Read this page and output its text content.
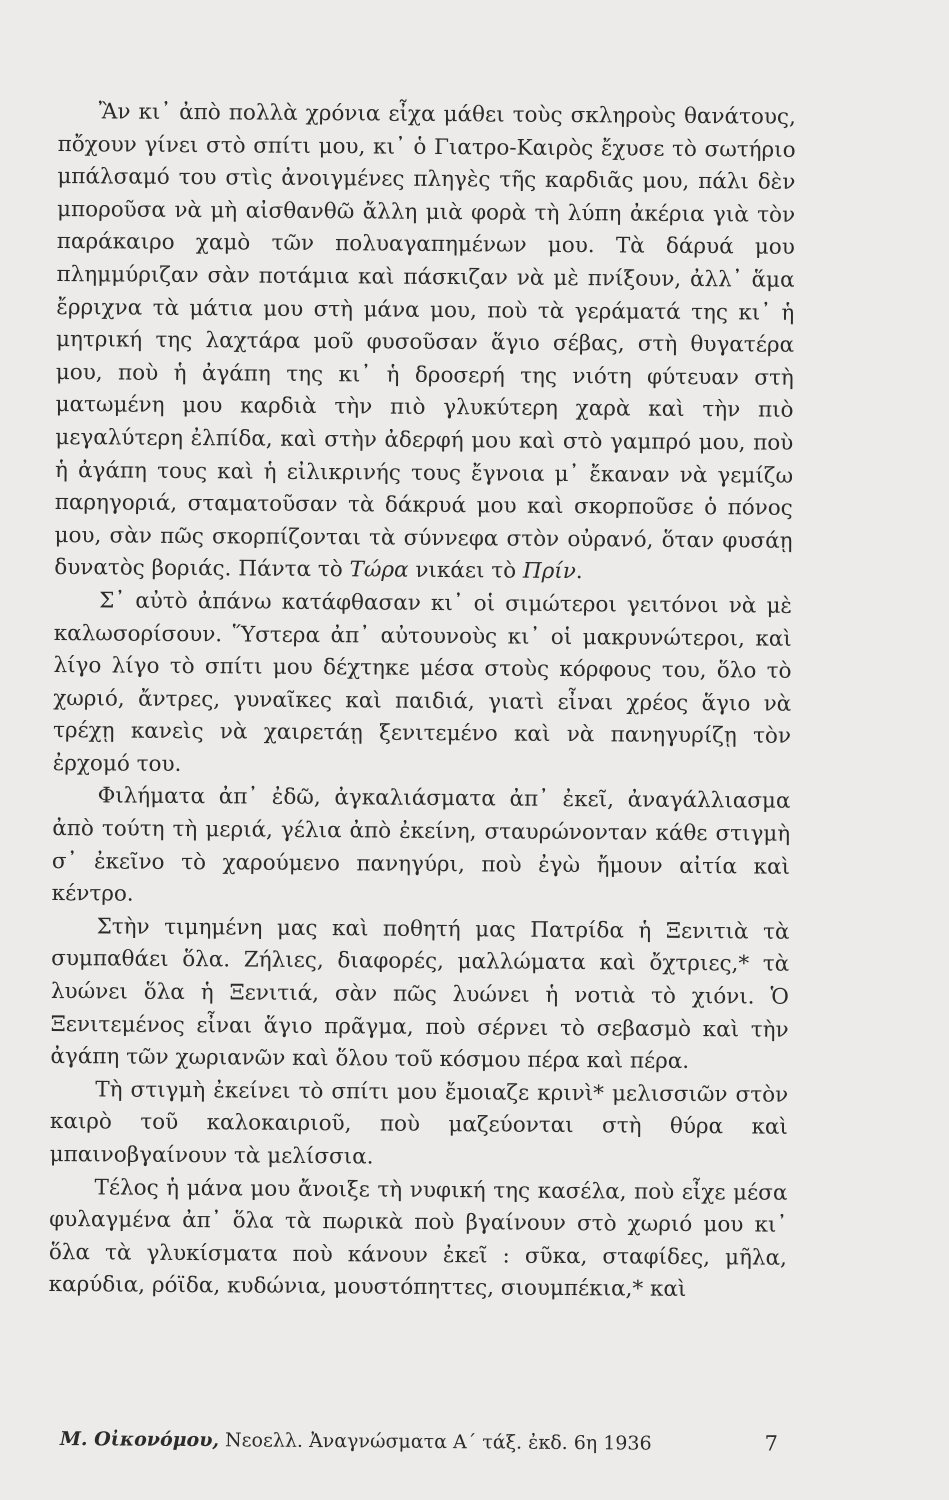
Ἂν κι᾿ ἀπὸ πολλὰ χρόνια εἶχα μάθει τοὺς σκληροὺς θανάτους, πὄχουν γίνει στὸ σπίτι μου, κι᾿ ὁ Γιατρο-Καιρὸς ἔχυσε τὸ σωτήριο μπάλσαμό του στὶς ἀνοιγμένες πληγὲς τῆς καρδιᾶς μου, πάλι δὲν μποροῦσα νὰ μὴ αἰσθανθῶ ἄλλη μιὰ φορὰ τὴ λύπη ἀκέρια γιὰ τὸν παράκαιρο χαμὸ τῶν πολυαγαπημένων μου. Τὰ δάρυά μου πλημμύριζαν σὰν ποτάμια καὶ πάσκιζαν νὰ μὲ πνίξουν, ἀλλ᾿ ἅμα ἔρριχνα τὰ μάτια μου στὴ μάνα μου, ποὺ τὰ γεράματά της κι᾿ ἡ μητρική της λαχτάρα μοῦ φυσοῦσαν ἅγιο σέβας, στὴ θυγατέρα μου, ποὺ ἡ ἀγάπη της κι᾿ ἡ δροσερή της νιότη φύτευαν στὴ ματωμένη μου καρδιὰ τὴν πιὸ γλυκύτερη χαρὰ καὶ τὴν πιὸ μεγαλύτερη ἐλπίδα, καὶ στὴν ἀδερφή μου καὶ στὸ γαμπρό μου, ποὺ ἡ ἀγάπη τους καὶ ἡ εἰλικρινής τους ἔγνοια μ᾿ ἔκαναν νὰ γεμίζω παρηγοριά, σταματοῦσαν τὰ δάκρυά μου καὶ σκορποῦσε ὁ πόνος μου, σὰν πῶς σκορπίζονται τὰ σύννεφα στὸν οὐρανό, ὅταν φυσάῃ δυνατὸς βοριάς. Πάντα τὸ Τώρα νικάει τὸ Πρίν.

Σ᾿ αὐτὸ ἀπάνω κατάφθασαν κι᾿ οἱ σιμώτεροι γειτόνοι νὰ μὲ καλωσορίσουν. Ὕστερα ἀπ᾿ αὐτουνοὺς κι᾿ οἱ μακρυνώτεροι, καὶ λίγο λίγο τὸ σπίτι μου δέχτηκε μέσα στοὺς κόρφους του, ὅλο τὸ χωριό, ἄντρες, γυναῖκες καὶ παιδιά, γιατὶ εἶναι χρέος ἅγιο νὰ τρέχῃ κανεὶς νὰ χαιρετάῃ ξενιτεμένο καὶ νὰ πανηγυρίζῃ τὸν ἐρχομό του.

Φιλήματα ἀπ᾿ ἐδῶ, ἀγκαλιάσματα ἀπ᾿ ἐκεῖ, ἀναγάλλιασμα ἀπὸ τούτη τὴ μεριά, γέλια ἀπὸ ἐκείνη, σταυρώνονταν κάθε στιγμὴ σ᾿ ἐκεῖνο τὸ χαρούμενο πανηγύρι, ποὺ ἐγὼ ἤμουν αἰτία καὶ κέντρο.

Στὴν τιμημένη μας καὶ ποθητή μας Πατρίδα ἡ Ξενιτιὰ τὰ συμπαθάει ὅλα. Ζήλιες, διαφορές, μαλλώματα καὶ ὄχτριες,* τὰ λυώνει ὅλα ἡ Ξενιτιά, σὰν πῶς λυώνει ἡ νοτιὰ τὸ χιόνι. Ὁ Ξενιτεμένος εἶναι ἅγιο πρᾶγμα, ποὺ σέρνει τὸ σεβασμὸ καὶ τὴν ἀγάπη τῶν χωριανῶν καὶ ὅλου τοῦ κόσμου πέρα καὶ πέρα.

Τὴ στιγμὴ ἐκείνει τὸ σπίτι μου ἔμοιαζε κρινὶ* μελισσιῶν στὸν καιρὸ τοῦ καλοκαιριοῦ, ποὺ μαζεύονται στὴ θύρα καὶ μπαινοβγαίνουν τὰ μελίσσια.

Τέλος ἡ μάνα μου ἄνοιξε τὴ νυφική της κασέλα, ποὺ εἶχε μέσα φυλαγμένα ἀπ᾿ ὅλα τὰ πωρικὰ ποὺ βγαίνουν στὸ χωριό μου κι᾿ ὅλα τὰ γλυκίσματα ποὺ κάνουν ἐκεῖ : σῦκα, σταφίδες, μῆλα, καρύδια, ρόϊδα, κυδώνια, μουστόπηττες, σιουμπέκια,* καὶ

Μ. Οἰκονόμου, Νεοελλ. Ἀναγνώσματα Α΄ τάξ. ἐκδ. 6η 1936	7
